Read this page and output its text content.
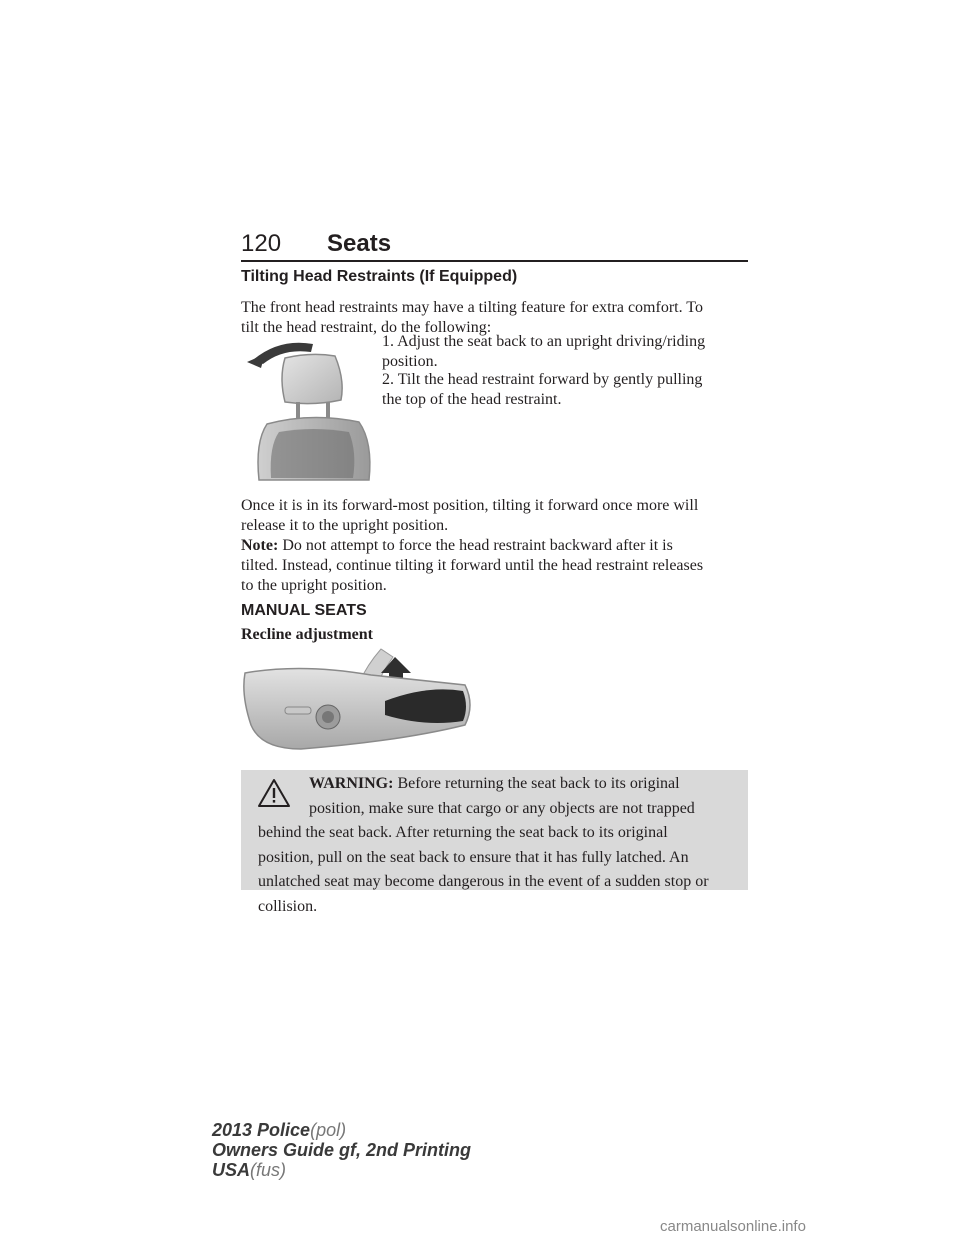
120 Seats
Tilting Head Restraints (If Equipped)
The front head restraints may have a tilting feature for extra comfort. To
tilt the head restraint, do the following:
1. Adjust the seat back to an upright driving/riding
position.
2. Tilt the head restraint forward by gently pulling
the top of the head restraint.
Once it is in its forward-most position, tilting it forward once more will
release it to the upright position.
Note: Do not attempt to force the head restraint backward after it is
tilted. Instead, continue tilting it forward until the head restraint releases
to the upright position.
MANUAL SEATS
Recline adjustment
WARNING: Before returning the seat back to its original
position, make sure that cargo or any objects are not trapped
behind the seat back. After returning the seat back to its original
position, pull on the seat back to ensure that it has fully latched. An
unlatched seat may become dangerous in the event of a sudden stop or
collision.
2013 Police(pol)
Owners Guide gf, 2nd Printing
USA(fus)
carmanualsonline.info
